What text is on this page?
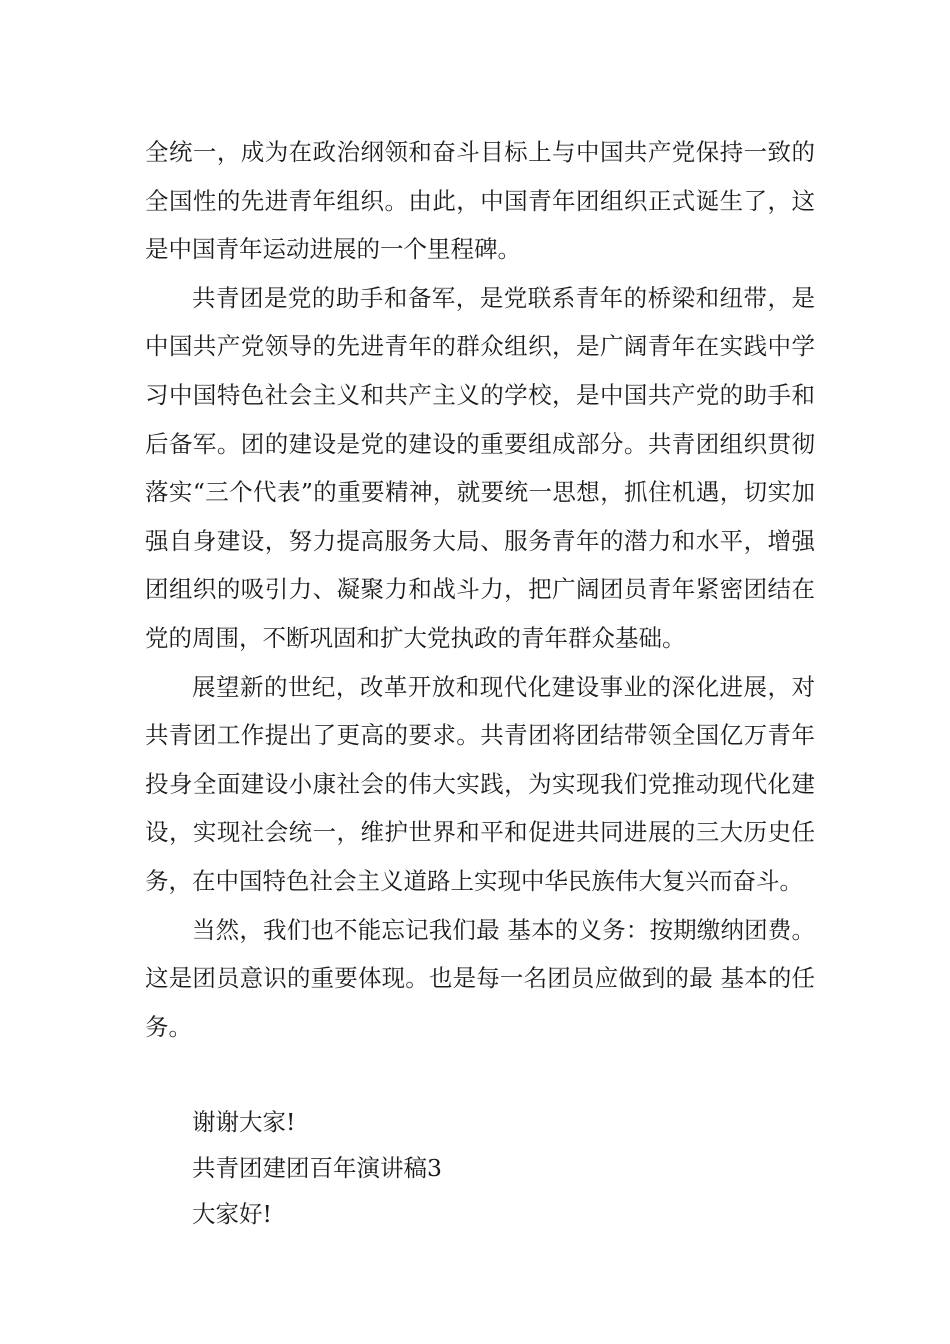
全统一，成为在政治纲领和奋斗目标上与中国共产党保持一致的全国性的先进青年组织。由此，中国青年团组织正式诞生了，这是中国青年运动进展的一个里程碑。

共青团是党的助手和备军，是党联系青年的桥梁和纽带，是中国共产党领导的先进青年的群众组织，是广阔青年在实践中学习中国特色社会主义和共产主义的学校，是中国共产党的助手和后备军。团的建设是党的建设的重要组成部分。共青团组织贯彻落实“三个代表”的重要精神，就要统一思想，抓住机遇，切实加强自身建设，努力提高服务大局、服务青年的潜力和水平，增强团组织的吸引力、凝聚力和战斗力，把广阔团员青年紧密团结在党的周围，不断巩固和扩大党执政的青年群众基础。

展望新的世纪，改革开放和现代化建设事业的深化进展，对共青团工作提出了更高的要求。共青团将团结带领全国亿万青年投身全面建设小康社会的伟大实践，为实现我们党推动现代化建设，实现社会统一，维护世界和平和促进共同进展的三大历史任务，在中国特色社会主义道路上实现中华民族伟大复兴而奋斗。

当然，我们也不能忘记我们最 基本的义务：按期缴纳团费。这是团员意识的重要体现。也是每一名团员应做到的最 基本的任务。

谢谢大家!

共青团建团百年演讲稿3

大家好!
